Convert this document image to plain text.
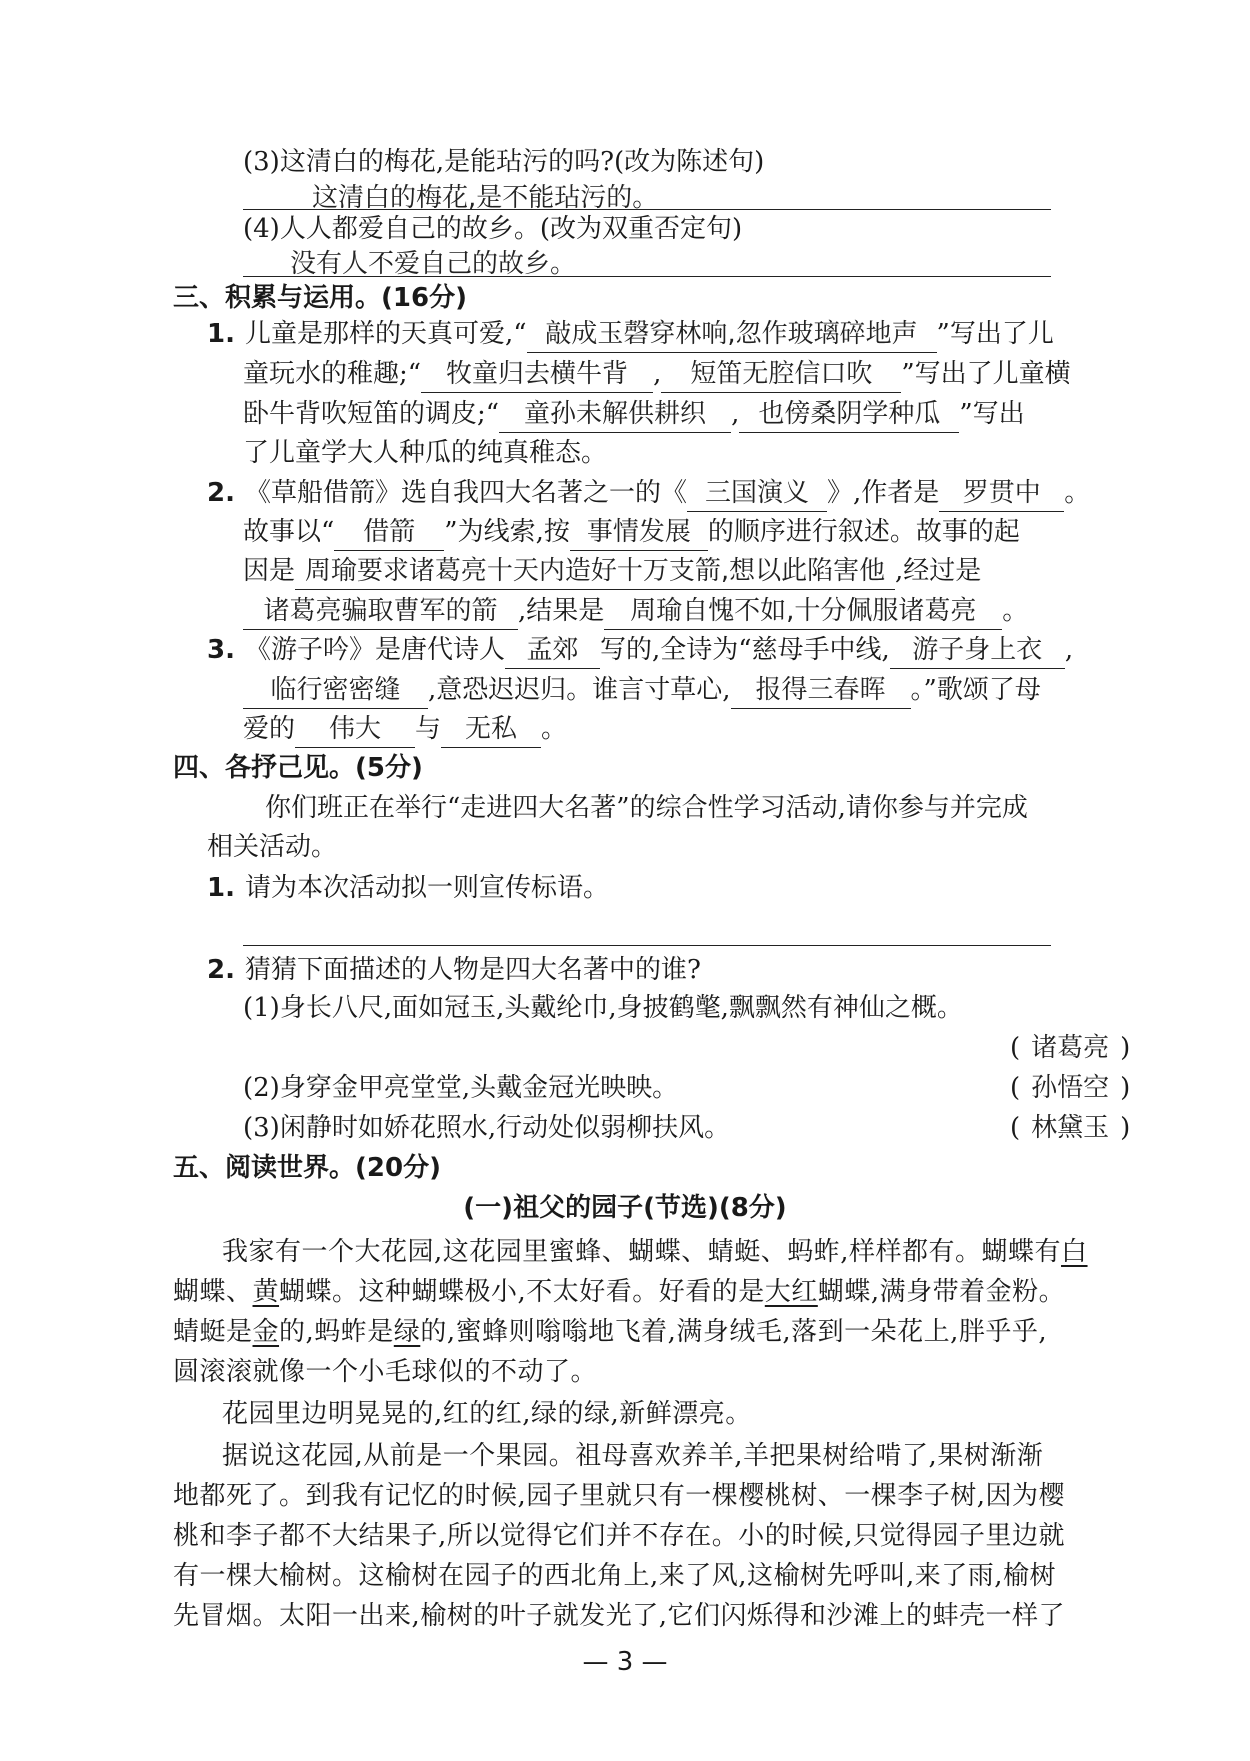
(3)这清白的梅花,是能玷污的吗?(改为陈述句)
这清白的梅花,是不能玷污的。
(4)人人都爱自己的故乡。(改为双重否定句)
没有人不爱自己的故乡。
三、积累与运用。(16分)
1. 儿童是那样的天真可爱,“ 敲成玉磬穿林响,忽作玻璃碎地声 ”写出了儿
童玩水的稚趣;“ 牧童归去横牛背 , 短笛无腔信口吹 ”写出了儿童横
卧牛背吹短笛的调皮;“ 童孙未解供耕织 , 也傍桑阴学种瓜 ”写出
了儿童学大人种瓜的纯真稚态。
2. 《草船借箭》选自我四大名著之一的《 三国演义 》,作者是 罗贯中 。
故事以“ 借箭 ”为线索,按 事情发展 的顺序进行叙述。故事的起
因是 周瑜要求诸葛亮十天内造好十万支箭,想以此陷害他 ,经过是
诸葛亮骗取曹军的箭 ,结果是 周瑜自愧不如,十分佩服诸葛亮 。
3. 《游子吟》是唐代诗人 孟郊 写的,全诗为“慈母手中线, 游子身上衣 ,
临行密密缝 ,意恐迟迟归。谁言寸草心, 报得三春晖 。”歌颂了母
爱的 伟大 与 无私 。
四、各抒己见。(5分)
你们班正在举行“走进四大名著”的综合性学习活动,请你参与并完成
相关活动。
1. 请为本次活动拟一则宣传标语。
2. 猜猜下面描述的人物是四大名著中的谁?
(1)身长八尺,面如冠玉,头戴纶巾,身披鹤氅,飘飘然有神仙之概。
( 诸葛亮 )
(2)身穿金甲亮堂堂,头戴金冠光映映。	( 孙悟空 )
(3)闲静时如娇花照水,行动处似弱柳扶风。	( 林黛玉 )
五、阅读世界。(20分)
(一)祖父的园子(节选)(8分)
我家有一个大花园,这花园里蜜蜂、蝴蝶、蜻蜓、蚂蚱,样样都有。蝴蝶有白
蝴蝶、黄蝴蝶。这种蝴蝶极小,不太好看。好看的是大红蝴蝶,满身带着金粉。
蜻蜓是金的,蚂蚱是绿的,蜜蜂则嗡嗡地飞着,满身绒毛,落到一朵花上,胖乎乎,
圆滚滚就像一个小毛球似的不动了。
花园里边明晃晃的,红的红,绿的绿,新鲜漂亮。
据说这花园,从前是一个果园。祖母喜欢养羊,羊把果树给啃了,果树渐渐
地都死了。到我有记忆的时候,园子里就只有一棵樱桃树、一棵李子树,因为樱
桃和李子都不大结果子,所以觉得它们并不存在。小的时候,只觉得园子里边就
有一棵大榆树。这榆树在园子的西北角上,来了风,这榆树先呼叫,来了雨,榆树
先冒烟。太阳一出来,榆树的叶子就发光了,它们闪烁得和沙滩上的蚌壳一样了
— 3 —
